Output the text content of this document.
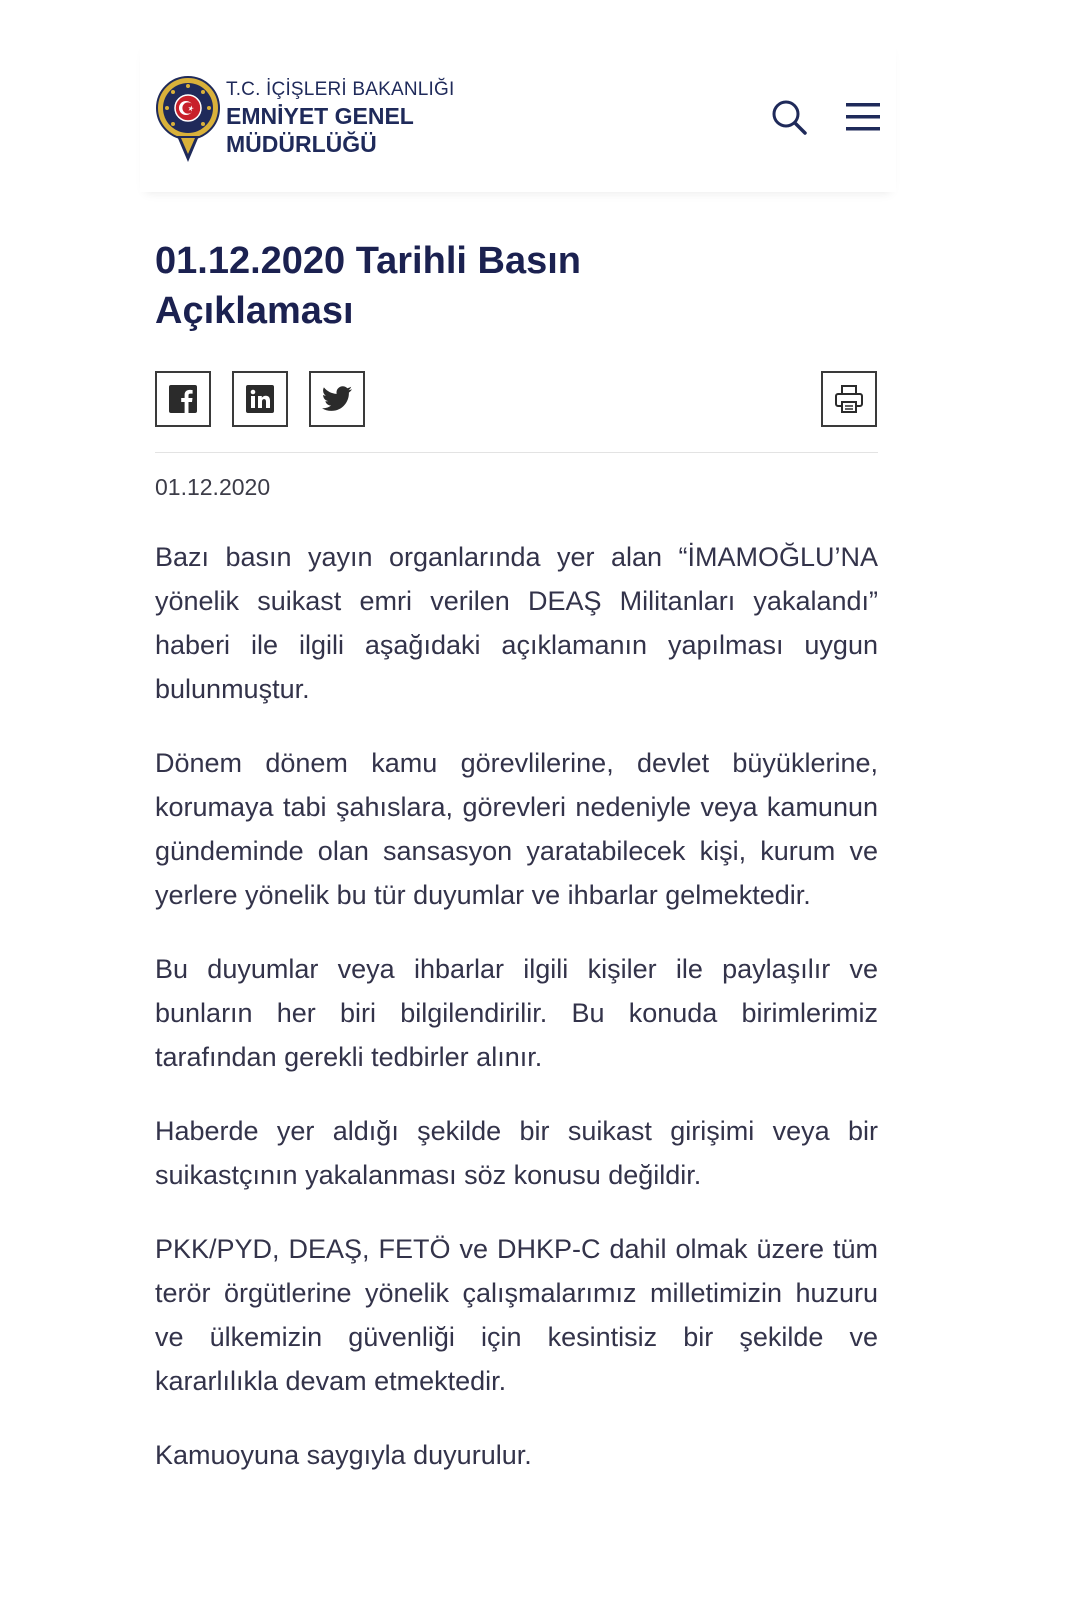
T.C. İÇİŞLERİ BAKANLIĞI
EMNİYET GENEL
MÜDÜRLÜĞÜ
01.12.2020 Tarihli Basın Açıklaması
01.12.2020

Bazı basın yayın organlarında yer alan “İMAMOĞLU’NA yönelik suikast emri verilen DEAŞ Militanları yakalandı” haberi ile ilgili aşağıdaki açıklamanın yapılması uygun bulunmuştur.

Dönem dönem kamu görevlilerine, devlet büyüklerine, korumaya tabi şahıslara, görevleri nedeniyle veya kamunun gündeminde olan sansasyon yaratabilecek kişi, kurum ve yerlere yönelik bu tür duyumlar ve ihbarlar gelmektedir.

Bu duyumlar veya ihbarlar ilgili kişiler ile paylaşılır ve bunların her biri bilgilendirilir. Bu konuda birimlerimiz tarafından gerekli tedbirler alınır.

Haberde yer aldığı şekilde bir suikast girişimi veya bir suikastçının yakalanması söz konusu değildir.

PKK/PYD, DEAŞ, FETÖ ve DHKP-C dahil olmak üzere tüm terör örgütlerine yönelik çalışmalarımız milletimizin huzuru ve ülkemizin güvenliği için kesintisiz bir şekilde ve kararlılıkla devam etmektedir.

Kamuoyuna saygıyla duyurulur.
